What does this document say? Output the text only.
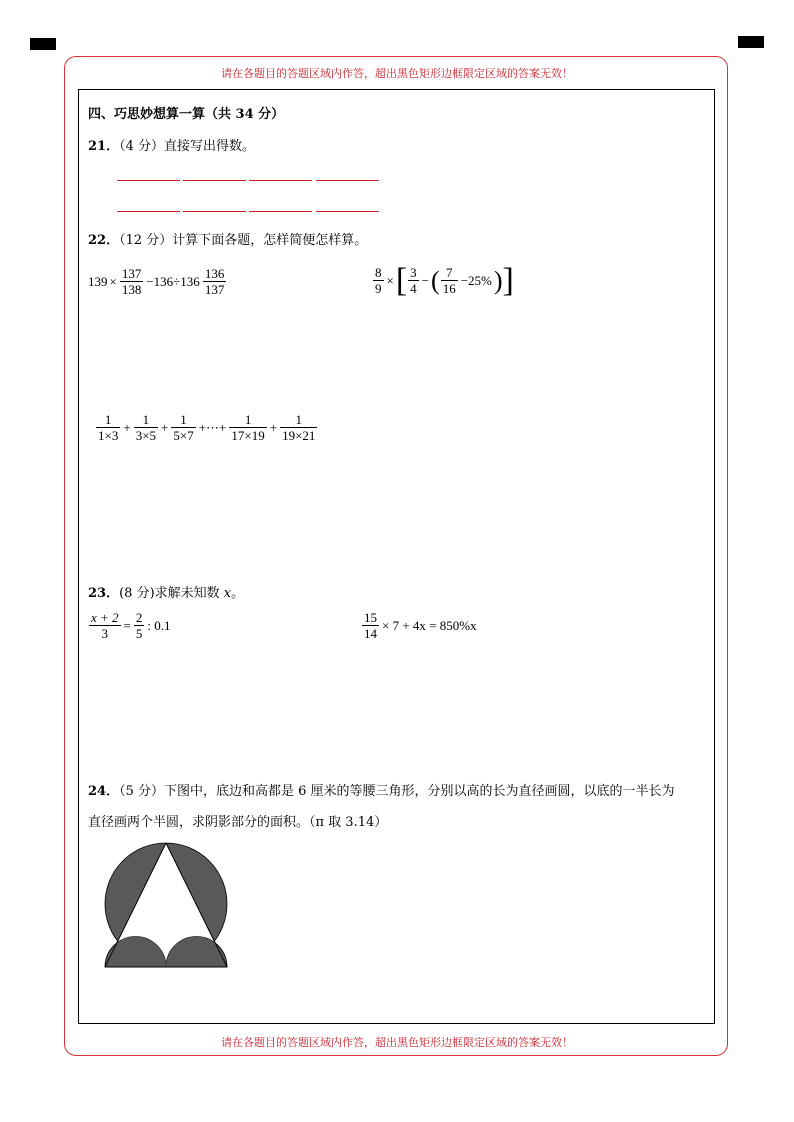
请在各题目的答题区域内作答，超出黑色矩形边框限定区域的答案无效！
请在各题目的答题区域内作答，超出黑色矩形边框限定区域的答案无效！
四、巧思妙想算一算（共 34 分）
21．（4 分）直接写出得数。
22．（12 分）计算下面各题，怎样简便怎样算。
$139 \times \frac{137}{138} -136\div 136 \frac{136}{137}$	$\frac{8}{9}$ × [ $\frac{3}{4}$ − ( $\frac{7}{16} -25\%$ ) ]
$\frac{1}{1\times 3} + \frac{1}{3\times 5} + \frac{1}{5\times 7}$ +⋯+ $\frac{1}{17\times 19} + \frac{1}{19\times 21}$
23．(8 分)求解未知数 x。
$\frac{x + 2}{3} = \frac{2}{5}$ : 0.1	$\frac{15}{14} \times 7 + 4x = 850\%x$
24．（5 分）下图中，底边和高都是 6 厘米的等腰三角形，分别以高的长为直径画圆，以底的一半长为
直径画两个半圆，求阴影部分的面积。（π 取 3.14）
